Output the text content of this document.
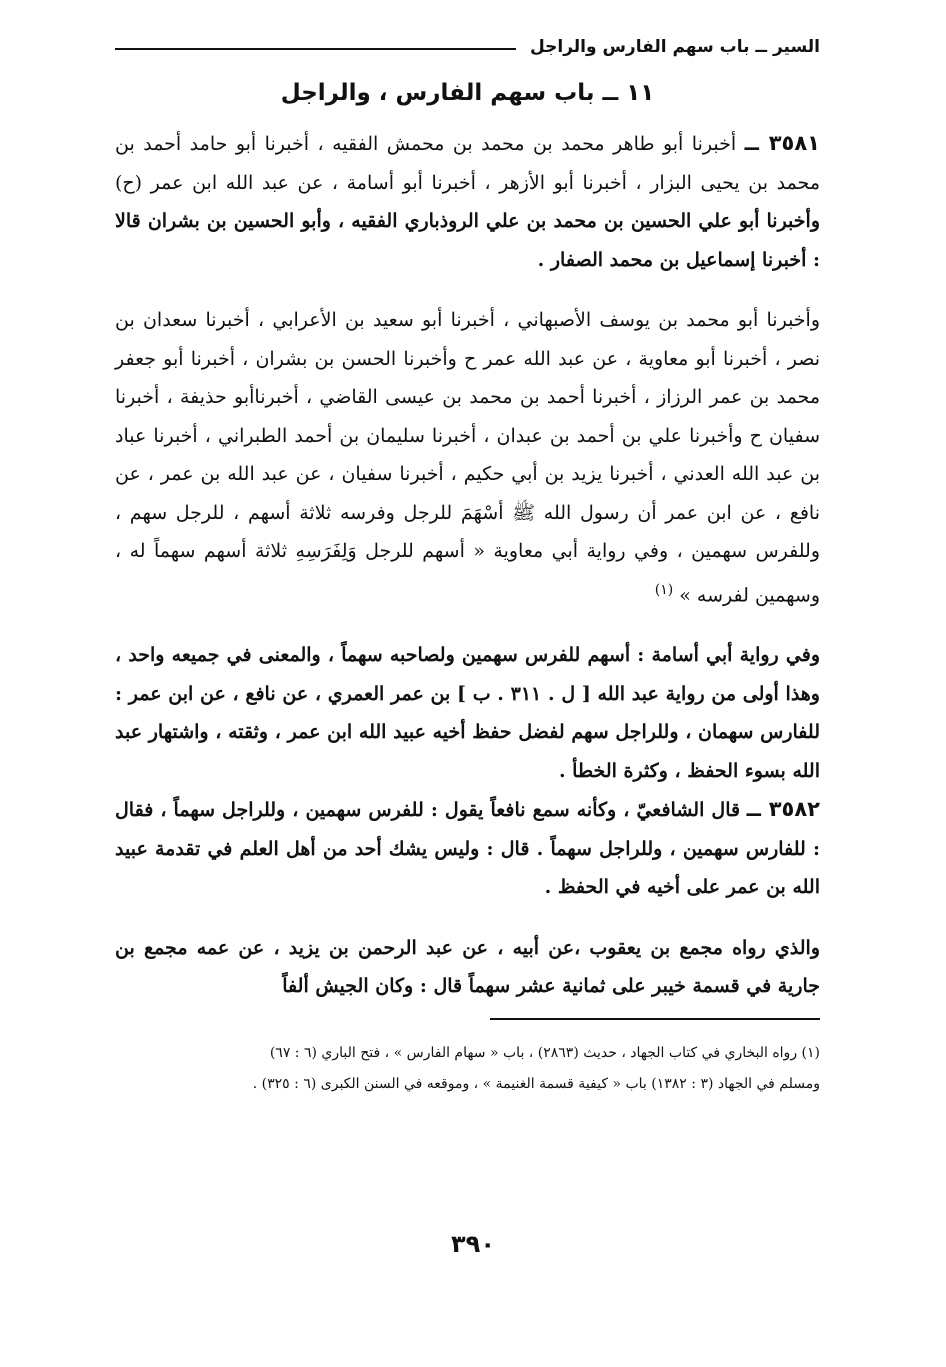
السير ــ باب سهم الفارس والراجل
١١ ــ باب سهم الفارس ، والراجل

٣٥٨١ ــ أخبرنا أبو طاهر محمد بن محمد بن محمش الفقيه ، أخبرنا أبو حامد أحمد بن محمد بن يحيى البزار ، أخبرنا أبو الأزهر ، أخبرنا أبو أسامة ، عن عبد الله ابن عمر (ح) وأخبرنا أبو علي الحسين بن محمد بن علي الروذباري الفقيه ، وأبو الحسين بن بشران قالا : أخبرنا إسماعيل بن محمد الصفار .

وأخبرنا أبو محمد بن يوسف الأصبهاني ، أخبرنا أبو سعيد بن الأعرابي ، أخبرنا سعدان بن نصر ، أخبرنا أبو معاوية ، عن عبد الله عمر ح وأخبرنا الحسن بن بشران ، أخبرنا أبو جعفر محمد بن عمر الرزاز ، أخبرنا أحمد بن محمد بن عيسى القاضي ، أخبرناأبو حذيفة ، أخبرنا سفيان ح وأخبرنا علي بن أحمد بن عبدان ، أخبرنا سليمان بن أحمد الطبراني ، أخبرنا عباد بن عبد الله العدني ، أخبرنا يزيد بن أبي حكيم ، أخبرنا سفيان ، عن عبد الله بن عمر ، عن نافع ، عن ابن عمر أن رسول الله ﷺ أسْهَمَ للرجل وفرسه ثلاثة أسهم ، للرجل سهم ، وللفرس سهمين ، وفي رواية أبي معاوية « أسهم للرجل وَلِفَرَسِهِ ثلاثة أسهم سهماً له ، وسهمين لفرسه » $^{(١)}$

وفي رواية أبي أسامة : أسهم للفرس سهمين ولصاحبه سهماً ، والمعنى في جميعه واحد ، وهذا أولى من رواية عبد الله [ ل . ٣١١ . ب ] بن عمر العمري ، عن نافع ، عن ابن عمر : للفارس سهمان ، وللراجل سهم لفضل حفظ أخيه عبيد الله ابن عمر ، وثقته ، واشتهار عبد الله بسوء الحفظ ، وكثرة الخطأ .

٣٥٨٢ ــ قال الشافعيّ ، وكأنه سمع نافعاً يقول : للفرس سهمين ، وللراجل سهماً ، فقال : للفارس سهمين ، وللراجل سهماً . قال : وليس يشك أحد من أهل العلم في تقدمة عبيد الله بن عمر على أخيه في الحفظ .

والذي رواه مجمع بن يعقوب ،عن أبيه ، عن عبد الرحمن بن يزيد ، عن عمه مجمع بن جارية في قسمة خيبر على ثمانية عشر سهماً قال : وكان الجيش ألفاً

(١) رواه البخاري في كتاب الجهاد ، حديث (٢٨٦٣) ، باب « سهام الفارس » ، فتح الباري (٦ : ٦٧)
ومسلم في الجهاد (٣ : ١٣٨٢) باب « كيفية قسمة الغنيمة » ، وموقعه في السنن الكبرى (٦ : ٣٢٥) .
٣٩٠
